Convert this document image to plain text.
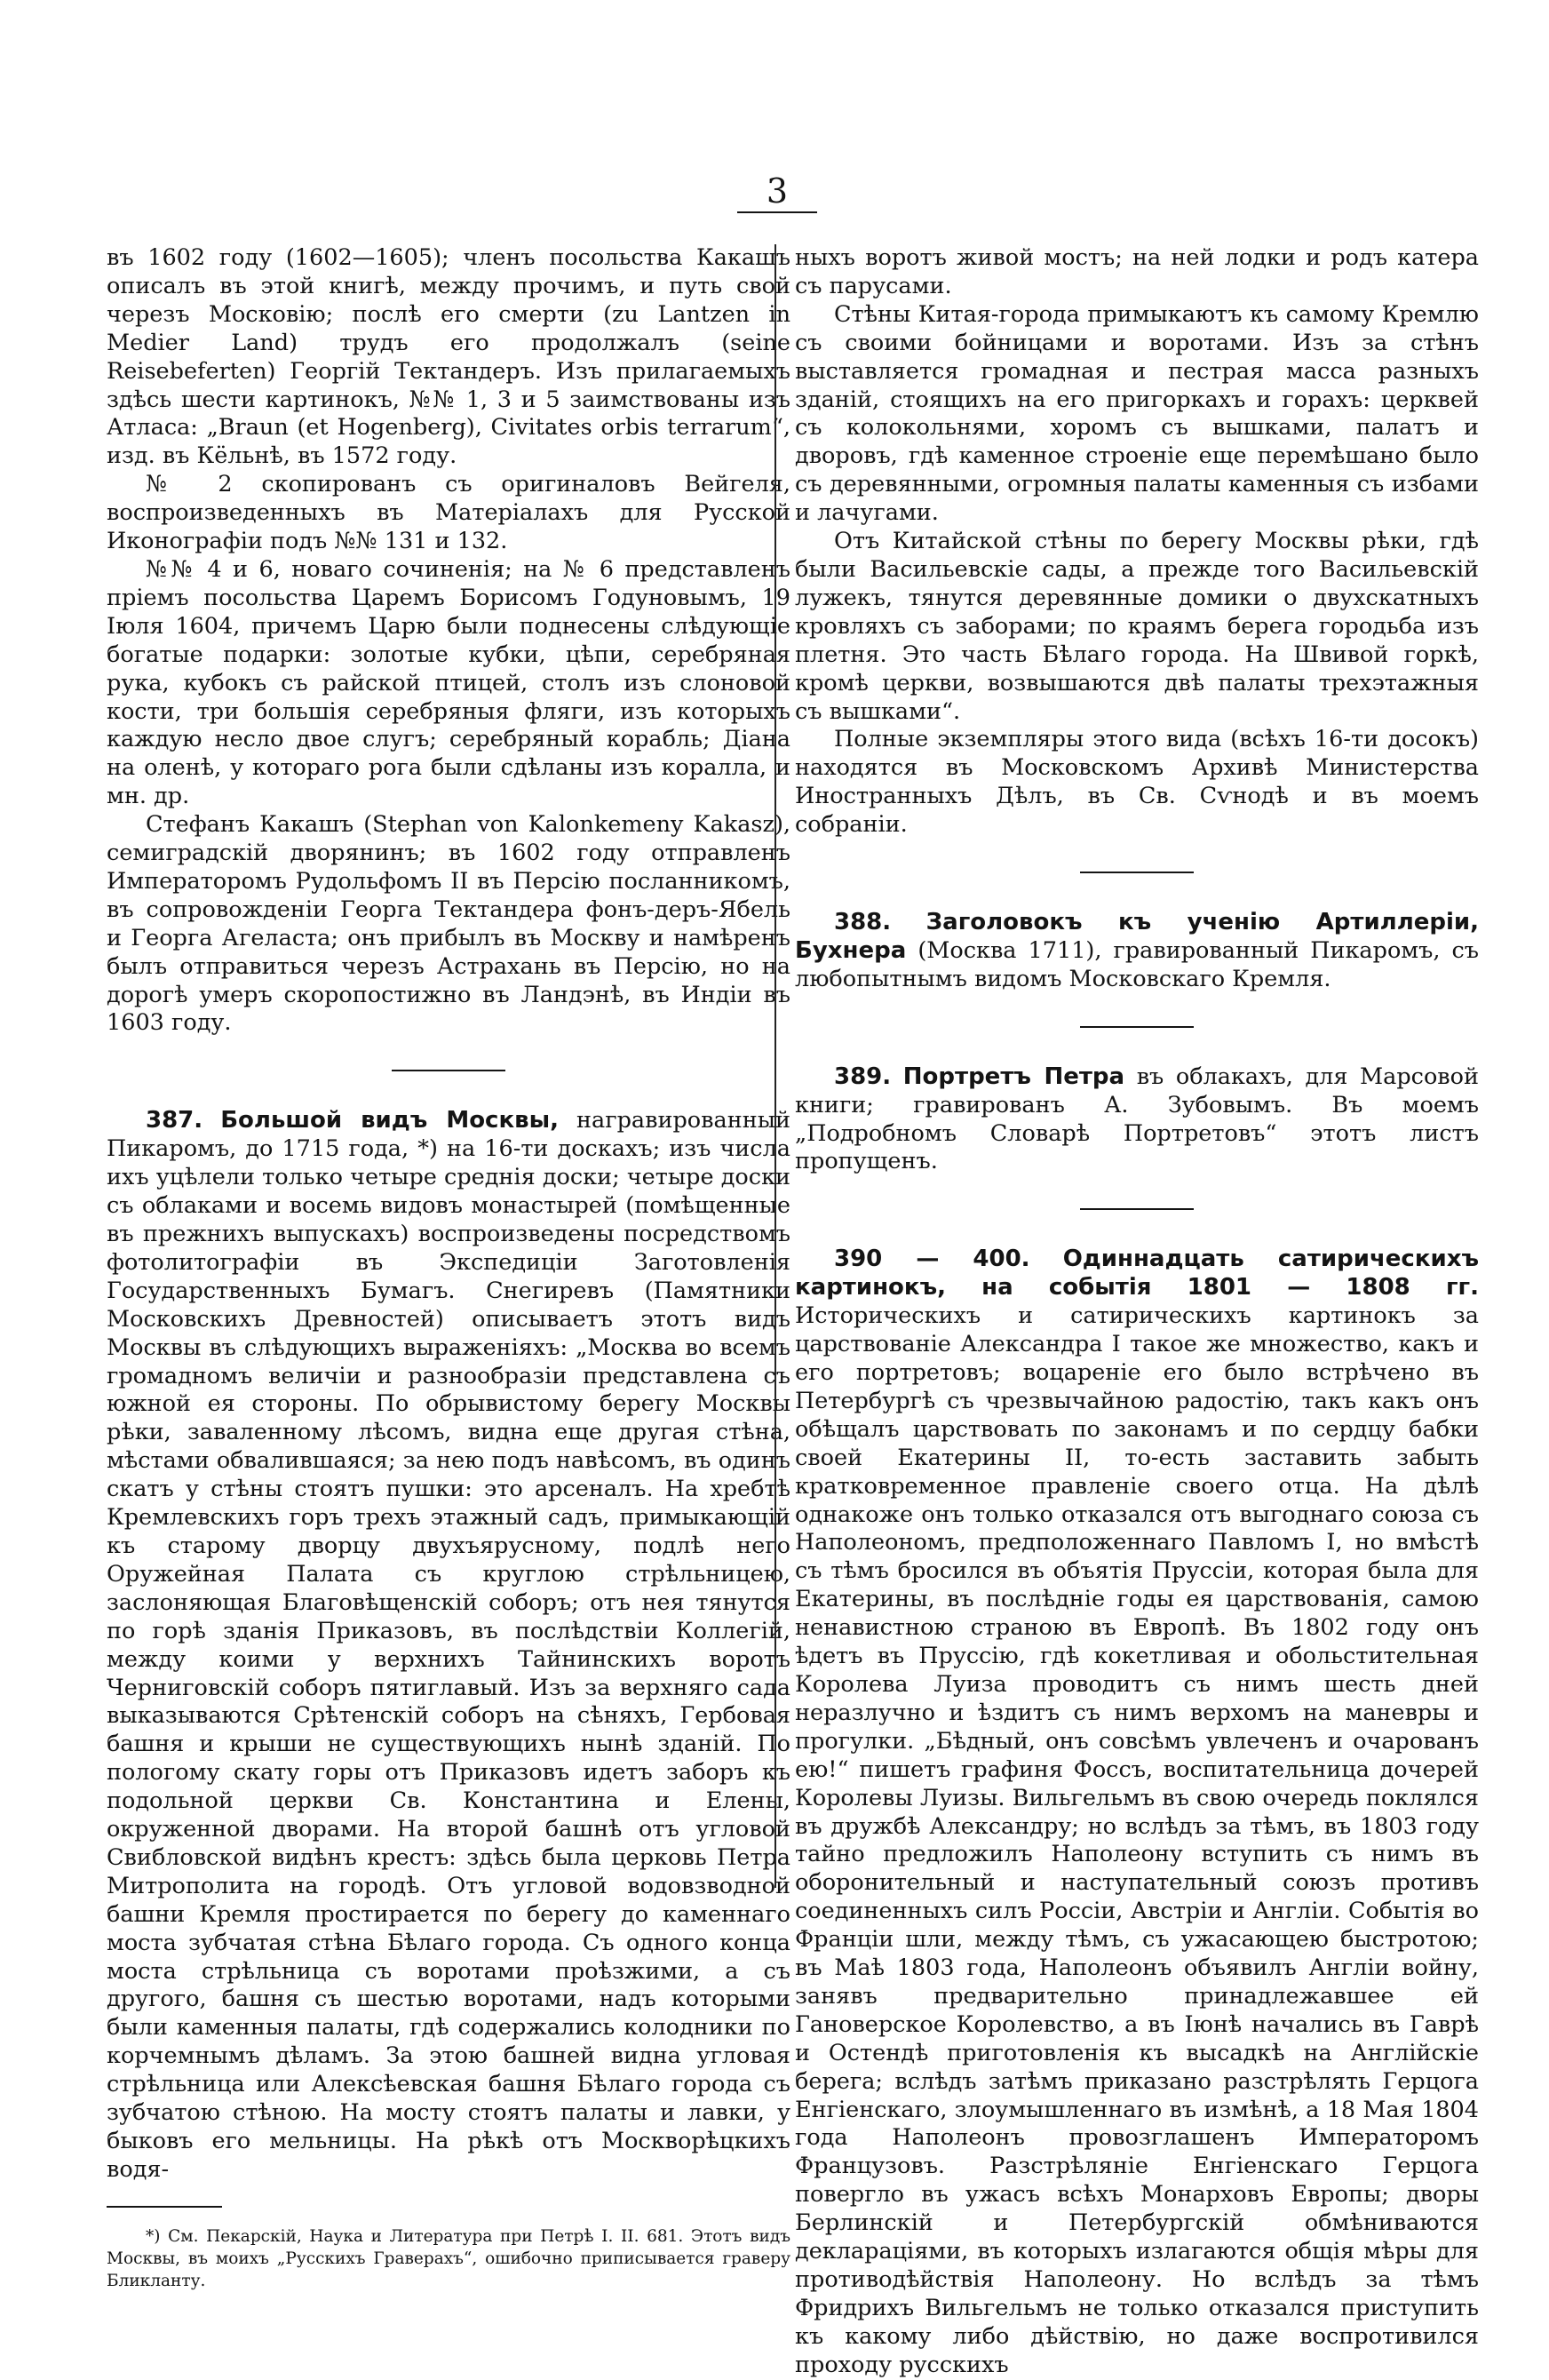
3

въ 1602 году (1602—1605); членъ посольства Какашъ описалъ въ этой книгѣ, между прочимъ, и путь свой черезъ Московію; послѣ его смерти (zu Lantzen in Medier Land) трудъ его продолжалъ (seine Reisebeferten) Георгій Тектандеръ. Изъ прилагаемыхъ здѣсь шести картинокъ, №№ 1, 3 и 5 заимствованы изъ Атласа: „Braun (et Hogenberg), Civitates orbis terrarum“, изд. въ Кёльнѣ, въ 1572 году.

№ 2 скопированъ съ оригиналовъ Вейгеля, воспроизведенныхъ въ Матеріалахъ для Русской Иконографіи подъ №№ 131 и 132.

№№ 4 и 6, новаго сочиненія; на № 6 представленъ пріемъ посольства Царемъ Борисомъ Годуновымъ, 19 Іюля 1604, причемъ Царю были поднесены слѣдующіе богатые подарки: золотые кубки, цѣпи, серебряная рука, кубокъ съ райской птицей, столъ изъ слоновой кости, три большія серебряныя фляги, изъ которыхъ каждую несло двое слугъ; серебряный корабль; Діана на оленѣ, у котораго рога были сдѣланы изъ коралла, и мн. др.

Стефанъ Какашъ (Stephan von Kalonkemeny Kakasz), семиградскій дворянинъ; въ 1602 году отправленъ Императоромъ Рудольфомъ II въ Персію посланникомъ, въ сопровожденіи Георга Тектандера фонъ-деръ-Ябель и Георга Агеласта; онъ прибылъ въ Москву и намѣренъ былъ отправиться черезъ Астрахань въ Персію, но на дорогѣ умеръ скоропостижно въ Ландэнѣ, въ Индіи въ 1603 году.

387. Большой видъ Москвы, награвированный Пикаромъ, до 1715 года, *) на 16-ти доскахъ; изъ числа ихъ уцѣлели только четыре среднія доски; четыре доски съ облаками и восемь видовъ монастырей (помѣщенные въ прежнихъ выпускахъ) воспроизведены посредствомъ фотолитографіи въ Экспедиціи Заготовленія Государственныхъ Бумагъ. Снегиревъ (Памятники Московскихъ Древностей) описываетъ этотъ видъ Москвы въ слѣдующихъ выраженіяхъ: „Москва во всемъ громадномъ величіи и разнообразіи представлена съ южной ея стороны. По обрывистому берегу Москвы рѣки, заваленному лѣсомъ, видна еще другая стѣна, мѣстами обвалившаяся; за нею подъ навѣсомъ, въ одинъ скатъ у стѣны стоятъ пушки: это арсеналъ. На хребтѣ Кремлевскихъ горъ трехъ этажный садъ, примыкающій къ старому дворцу двухъярусному, подлѣ него Оружейная Палата съ круглою стрѣльницею, заслоняющая Благовѣщенскій соборъ; отъ нея тянутся по горѣ зданія Приказовъ, въ послѣдствіи Коллегій, между коими у верхнихъ Тайнинскихъ воротъ Черниговскій соборъ пятиглавый. Изъ за верхняго сада выказываются Срѣтенскій соборъ на сѣняхъ, Гербовая башня и крыши не существующихъ нынѣ зданій. По пологому скату горы отъ Приказовъ идетъ заборъ къ подольной церкви Св. Константина и Елены, окруженной дворами. На второй башнѣ отъ угловой Свибловской видѣнъ крестъ: здѣсь была церковь Петра Митрополита на городѣ. Отъ угловой водовзводной башни Кремля простирается по берегу до каменнаго моста зубчатая стѣна Бѣлаго города. Съ одного конца моста стрѣльница съ воротами проѣзжими, а съ другого, башня съ шестью воротами, надъ которыми были каменныя палаты, гдѣ содержались колодники по корчемнымъ дѣламъ. За этою башней видна угловая стрѣльница или Алексѣевская башня Бѣлаго города съ зубчатою стѣною. На мосту стоятъ палаты и лавки, у быковъ его мельницы. На рѣкѣ отъ Москворѣцкихъ водя-

*) См. Пекарскій, Наука и Литература при Петрѣ I. II. 681. Этотъ видъ Москвы, въ моихъ „Русскихъ Граверахъ“, ошибочно приписывается граверу Бликланту.

ныхъ воротъ живой мостъ; на ней лодки и родъ катера съ парусами.

Стѣны Китая-города примыкаютъ къ самому Кремлю съ своими бойницами и воротами. Изъ за стѣнъ выставляется громадная и пестрая масса разныхъ зданій, стоящихъ на его пригоркахъ и горахъ: церквей съ колокольнями, хоромъ съ вышками, палатъ и дворовъ, гдѣ каменное строеніе еще перемѣшано было съ деревянными, огромныя палаты каменныя съ избами и лачугами.

Отъ Китайской стѣны по берегу Москвы рѣки, гдѣ были Васильевскіе сады, а прежде того Васильевскій лужекъ, тянутся деревянные домики о двухскатныхъ кровляхъ съ заборами; по краямъ берега городьба изъ плетня. Это часть Бѣлаго города. На Швивой горкѣ, кромѣ церкви, возвышаются двѣ палаты трехэтажныя съ вышками“.

Полные экземпляры этого вида (всѣхъ 16-ти досокъ) находятся въ Московскомъ Архивѣ Министерства Иностранныхъ Дѣлъ, въ Св. Сѵнодѣ и въ моемъ собраніи.

388. Заголовокъ къ ученію Артиллеріи, Бухнера (Москва 1711), гравированный Пикаромъ, съ любопытнымъ видомъ Московскаго Кремля.

389. Портретъ Петра въ облакахъ, для Марсовой книги; гравированъ А. Зубовымъ. Въ моемъ „Подробномъ Словарѣ Портретовъ“ этотъ листъ пропущенъ.

390 — 400. Одиннадцать сатирическихъ картинокъ, на событія 1801 — 1808 гг. Историческихъ и сатирическихъ картинокъ за царствованіе Александра I такое же множество, какъ и его портретовъ; воцареніе его было встрѣчено въ Петербургѣ съ чрезвычайною радостію, такъ какъ онъ обѣщалъ царствовать по законамъ и по сердцу бабки своей Екатерины II, то-есть заставить забыть кратковременное правленіе своего отца. На дѣлѣ однакоже онъ только отказался отъ выгоднаго союза съ Наполеономъ, предположеннаго Павломъ I, но вмѣстѣ съ тѣмъ бросился въ объятія Пруссіи, которая была для Екатерины, въ послѣдніе годы ея царствованія, самою ненавистною страною въ Европѣ. Въ 1802 году онъ ѣдетъ въ Пруссію, гдѣ кокетливая и обольстительная Королева Луиза проводитъ съ нимъ шесть дней неразлучно и ѣздитъ съ нимъ верхомъ на маневры и прогулки. „Бѣдный, онъ совсѣмъ увлеченъ и очарованъ ею!“ пишетъ графиня Фоссъ, воспитательница дочерей Королевы Луизы. Вильгельмъ въ свою очередь поклялся въ дружбѣ Александру; но вслѣдъ за тѣмъ, въ 1803 году тайно предложилъ Наполеону вступить съ нимъ въ оборонительный и наступательный союзъ противъ соединенныхъ силъ Россіи, Австріи и Англіи. Событія во Франціи шли, между тѣмъ, съ ужасающею быстротою; въ Маѣ 1803 года, Наполеонъ объявилъ Англіи войну, занявъ предварительно принадлежавшее ей Гановерское Королевство, а въ Іюнѣ начались въ Гаврѣ и Остендѣ приготовленія къ высадкѣ на Англійскіе берега; вслѣдъ затѣмъ приказано разстрѣлять Герцога Енгіенскаго, злоумышленнаго въ измѣнѣ, а 18 Мая 1804 года Наполеонъ провозглашенъ Императоромъ Французовъ. Разстрѣляніе Енгіенскаго Герцога повергло въ ужасъ всѣхъ Монарховъ Европы; дворы Берлинскій и Петербургскій обмѣниваются декларацiями, въ которыхъ излагаются общія мѣры для противодѣйствія Наполеону. Но вслѣдъ за тѣмъ Фридрихъ Вильгельмъ не только отказался приступить къ какому либо дѣйствію, но даже воспротивился проходу русскихъ
